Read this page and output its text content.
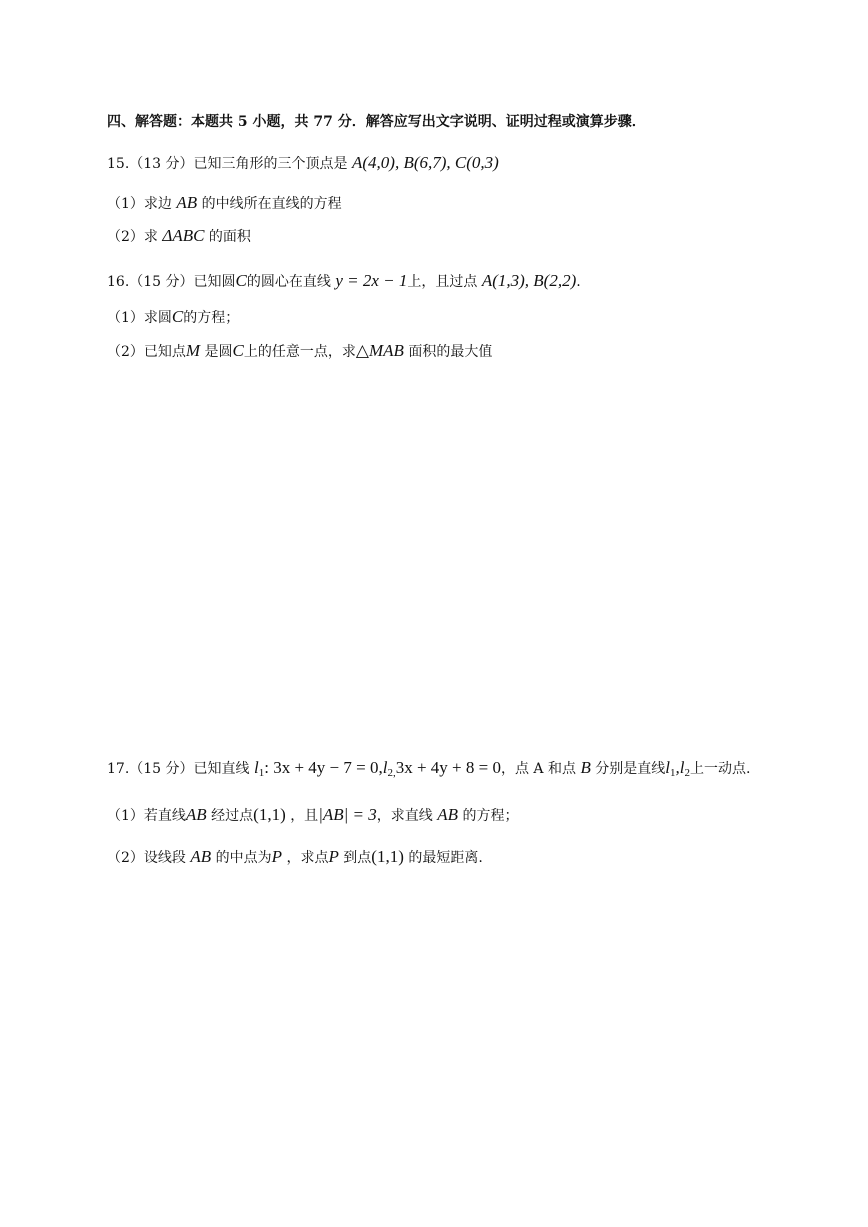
四、解答题：本题共 5 小题，共 77 分．解答应写出文字说明、证明过程或演算步骤．
15.（13 分）已知三角形的三个顶点是 A(4,0), B(6,7), C(0,3)
（1）求边 AB 的中线所在直线的方程
（2）求 ΔABC 的面积
16.（15 分）已知圆C的圆心在直线 y = 2x − 1上，且过点 A(1,3), B(2,2).
（1）求圆C的方程；
（2）已知点M 是圆C上的任意一点，求△MAB 面积的最大值
17.（15 分）已知直线 $l_1$: $3x + 4y - 7 = 0,l_{2,}3x + 4y + 8 = 0$，点 A 和点 B 分别是直线$l_1,l_2$上一动点.
（1）若直线AB 经过点(1,1) ，且|AB| = 3，求直线 AB 的方程；
（2）设线段 AB 的中点为P ，求点P 到点(1,1) 的最短距离.
